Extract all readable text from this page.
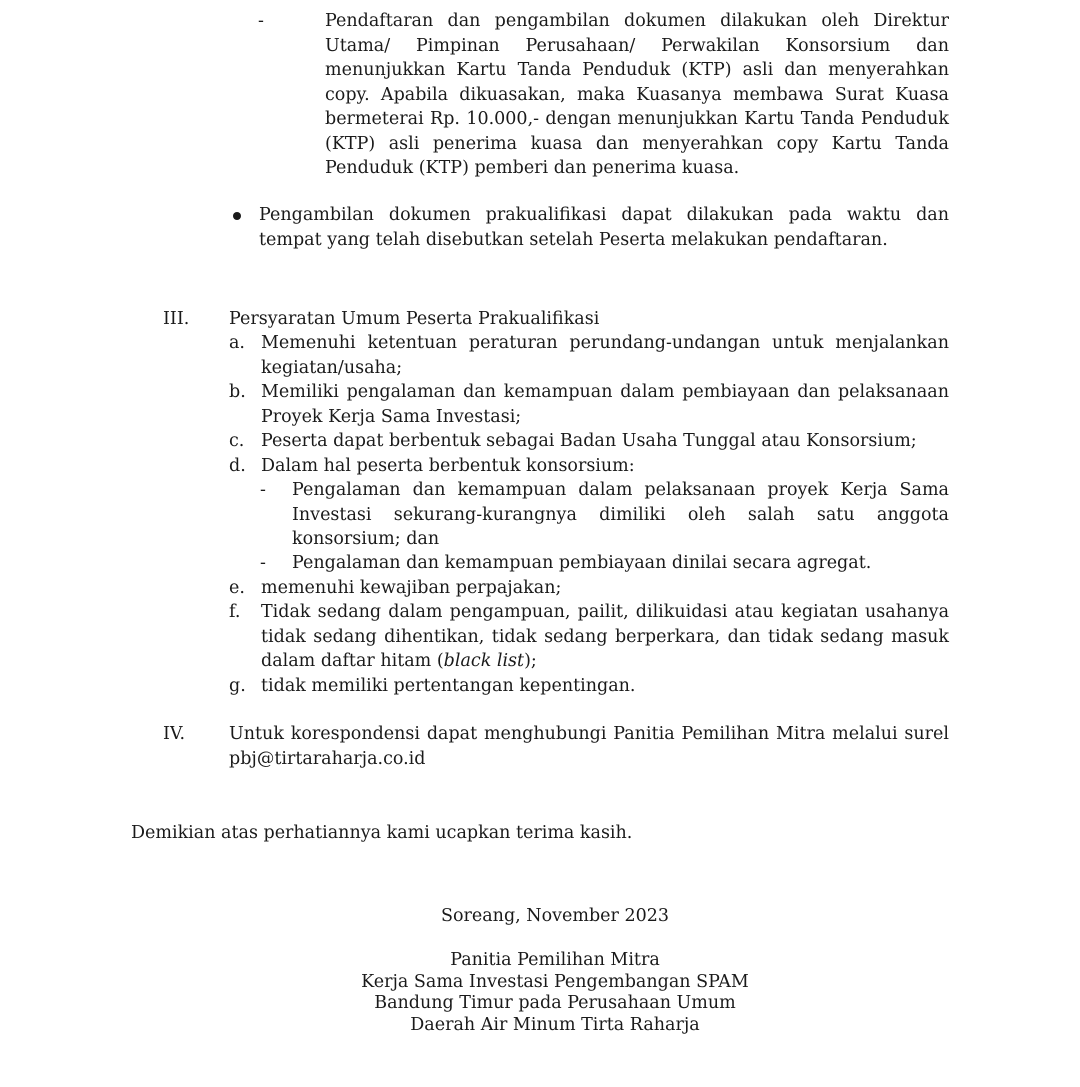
-	Pendaftaran dan pengambilan dokumen dilakukan oleh Direktur
Utama/ Pimpinan Perusahaan/ Perwakilan Konsorsium dan
menunjukkan Kartu Tanda Penduduk (KTP) asli dan menyerahkan
copy. Apabila dikuasakan, maka Kuasanya membawa Surat Kuasa
bermeterai Rp. 10.000,- dengan menunjukkan Kartu Tanda Penduduk
(KTP) asli penerima kuasa dan menyerahkan copy Kartu Tanda
Penduduk (KTP) pemberi dan penerima kuasa.
Pengambilan dokumen prakualifikasi dapat dilakukan pada waktu dan
tempat yang telah disebutkan setelah Peserta melakukan pendaftaran.
III. Persyaratan Umum Peserta Prakualifikasi
a. Memenuhi ketentuan peraturan perundang-undangan untuk menjalankan
kegiatan/usaha;
b. Memiliki pengalaman dan kemampuan dalam pembiayaan dan pelaksanaan
Proyek Kerja Sama Investasi;
c. Peserta dapat berbentuk sebagai Badan Usaha Tunggal atau Konsorsium;
d. Dalam hal peserta berbentuk konsorsium:
- Pengalaman dan kemampuan dalam pelaksanaan proyek Kerja Sama
Investasi sekurang-kurangnya dimiliki oleh salah satu anggota
konsorsium; dan
- Pengalaman dan kemampuan pembiayaan dinilai secara agregat.
e. memenuhi kewajiban perpajakan;
f. Tidak sedang dalam pengampuan, pailit, dilikuidasi atau kegiatan usahanya
tidak sedang dihentikan, tidak sedang berperkara, dan tidak sedang masuk
dalam daftar hitam (black list);
g. tidak memiliki pertentangan kepentingan.
IV.	Untuk korespondensi dapat menghubungi Panitia Pemilihan Mitra melalui surel
pbj@tirtaraharja.co.id
Demikian atas perhatiannya kami ucapkan terima kasih.
Soreang, November 2023
Panitia Pemilihan Mitra
Kerja Sama Investasi Pengembangan SPAM
Bandung Timur pada Perusahaan Umum
Daerah Air Minum Tirta Raharja
